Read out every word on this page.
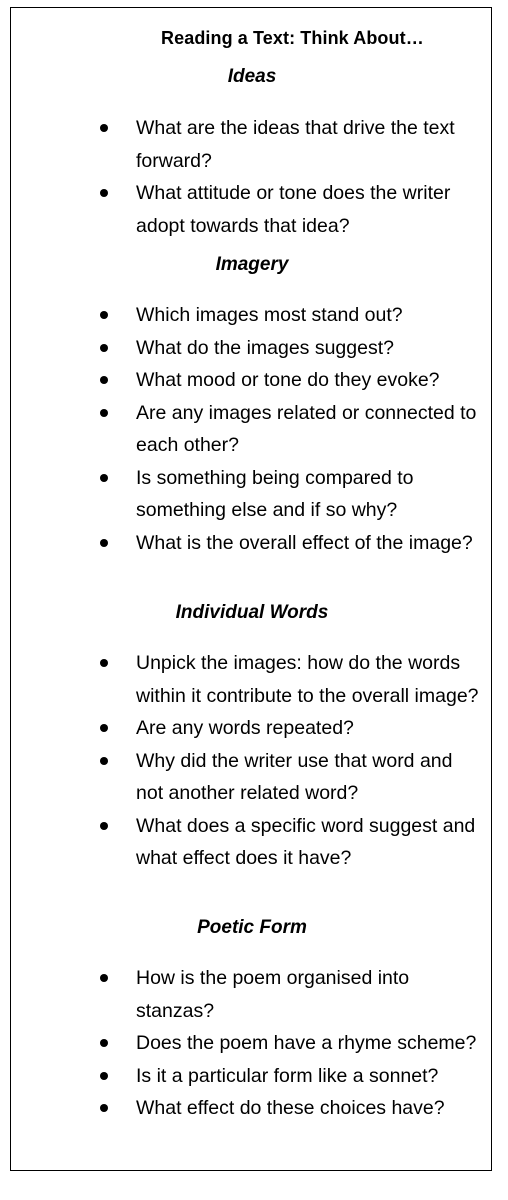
Reading a Text: Think About…
Ideas
What are the ideas that drive the text forward?
What attitude or tone does the writer adopt towards that idea?
Imagery
Which images most stand out?
What do the images suggest?
What mood or tone do they evoke?
Are any images related or connected to each other?
Is something being compared to something else and if so why?
What is the overall effect of the image?
Individual Words
Unpick the images: how do the words within it contribute to the overall image?
Are any words repeated?
Why did the writer use that word and not another related word?
What does a specific word suggest and what effect does it have?
Poetic Form
How is the poem organised into stanzas?
Does the poem have a rhyme scheme?
Is it a particular form like a sonnet?
What effect do these choices have?
